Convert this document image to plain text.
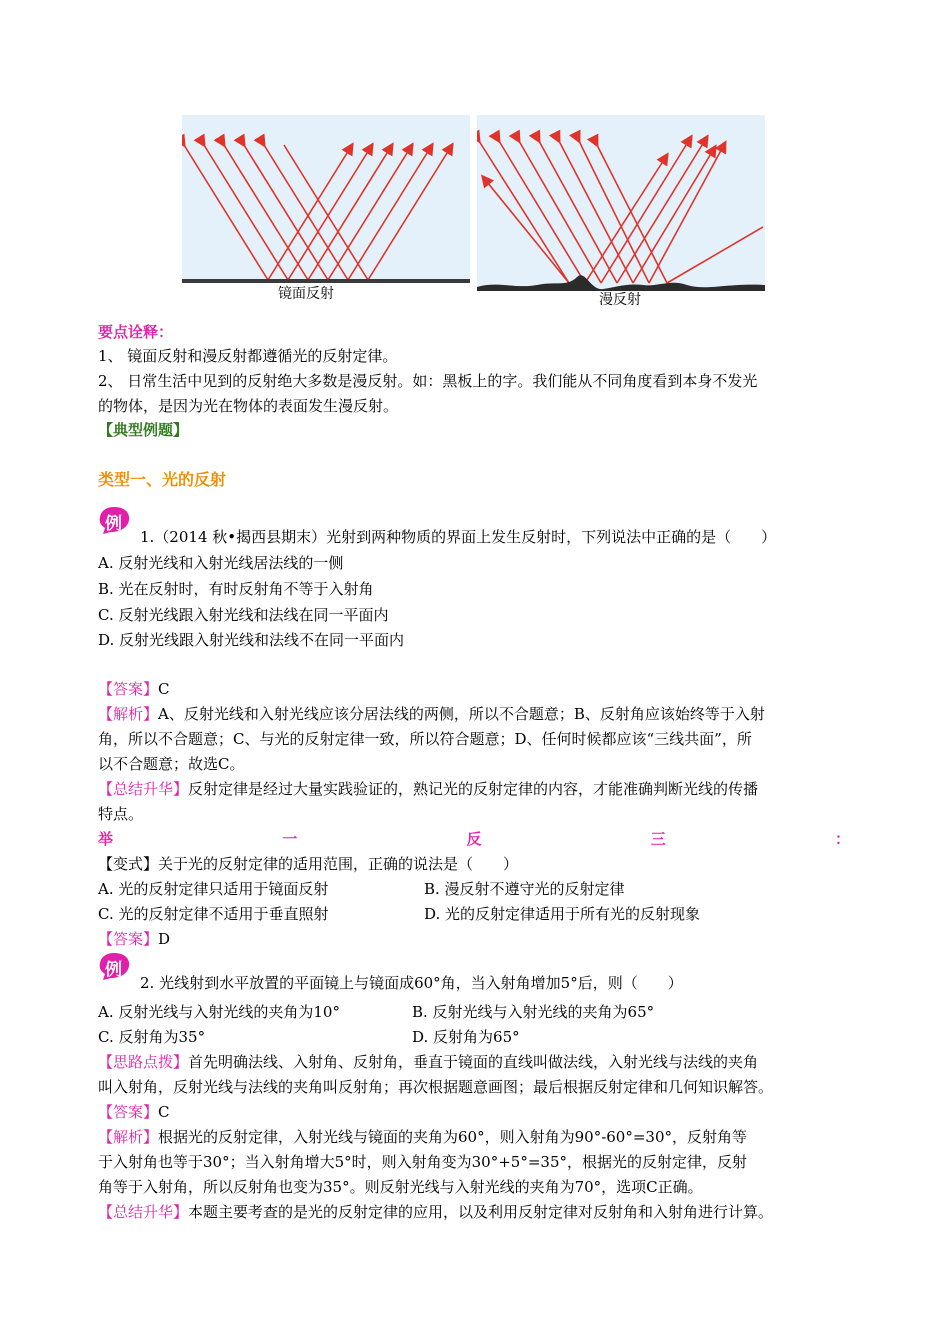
镜面反射	漫反射
要点诠释：
1、 镜面反射和漫反射都遵循光的反射定律。
2、 日常生活中见到的反射绝大多数是漫反射。如：黑板上的字。我们能从不同角度看到本身不发光
的物体，是因为光在物体的表面发生漫反射。
【典型例题】
类型一、光的反射
例
1.（2014 秋•揭西县期末）光射到两种物质的界面上发生反射时，下列说法中正确的是（　　）
A. 反射光线和入射光线居法线的一侧
B. 光在反射时，有时反射角不等于入射角
C. 反射光线跟入射光线和法线在同一平面内
D. 反射光线跟入射光线和法线不在同一平面内
【答案】C
【解析】A、反射光线和入射光线应该分居法线的两侧，所以不合题意；B、反射角应该始终等于入射
角，所以不合题意；C、与光的反射定律一致，所以符合题意；D、任何时候都应该“三线共面”，所
以不合题意；故选C。
【总结升华】反射定律是经过大量实践验证的，熟记光的反射定律的内容，才能准确判断光线的传播
特点。
举	一	反	三	：
【变式】关于光的反射定律的适用范围，正确的说法是（　　）
A. 光的反射定律只适用于镜面反射	B. 漫反射不遵守光的反射定律
C. 光的反射定律不适用于垂直照射	D. 光的反射定律适用于所有光的反射现象
【答案】D
例
2. 光线射到水平放置的平面镜上与镜面成60°角，当入射角增加5°后，则（　　）
A. 反射光线与入射光线的夹角为10°	B. 反射光线与入射光线的夹角为65°
C. 反射角为35°	D. 反射角为65°
【思路点拨】首先明确法线、入射角、反射角，垂直于镜面的直线叫做法线，入射光线与法线的夹角
叫入射角，反射光线与法线的夹角叫反射角；再次根据题意画图；最后根据反射定律和几何知识解答。
【答案】C
【解析】根据光的反射定律，入射光线与镜面的夹角为60°，则入射角为90°-60°=30°，反射角等
于入射角也等于30°；当入射角增大5°时，则入射角变为30°+5°=35°，根据光的反射定律，反射
角等于入射角，所以反射角也变为35°。则反射光线与入射光线的夹角为70°，选项C正确。
【总结升华】本题主要考查的是光的反射定律的应用，以及利用反射定律对反射角和入射角进行计算。
